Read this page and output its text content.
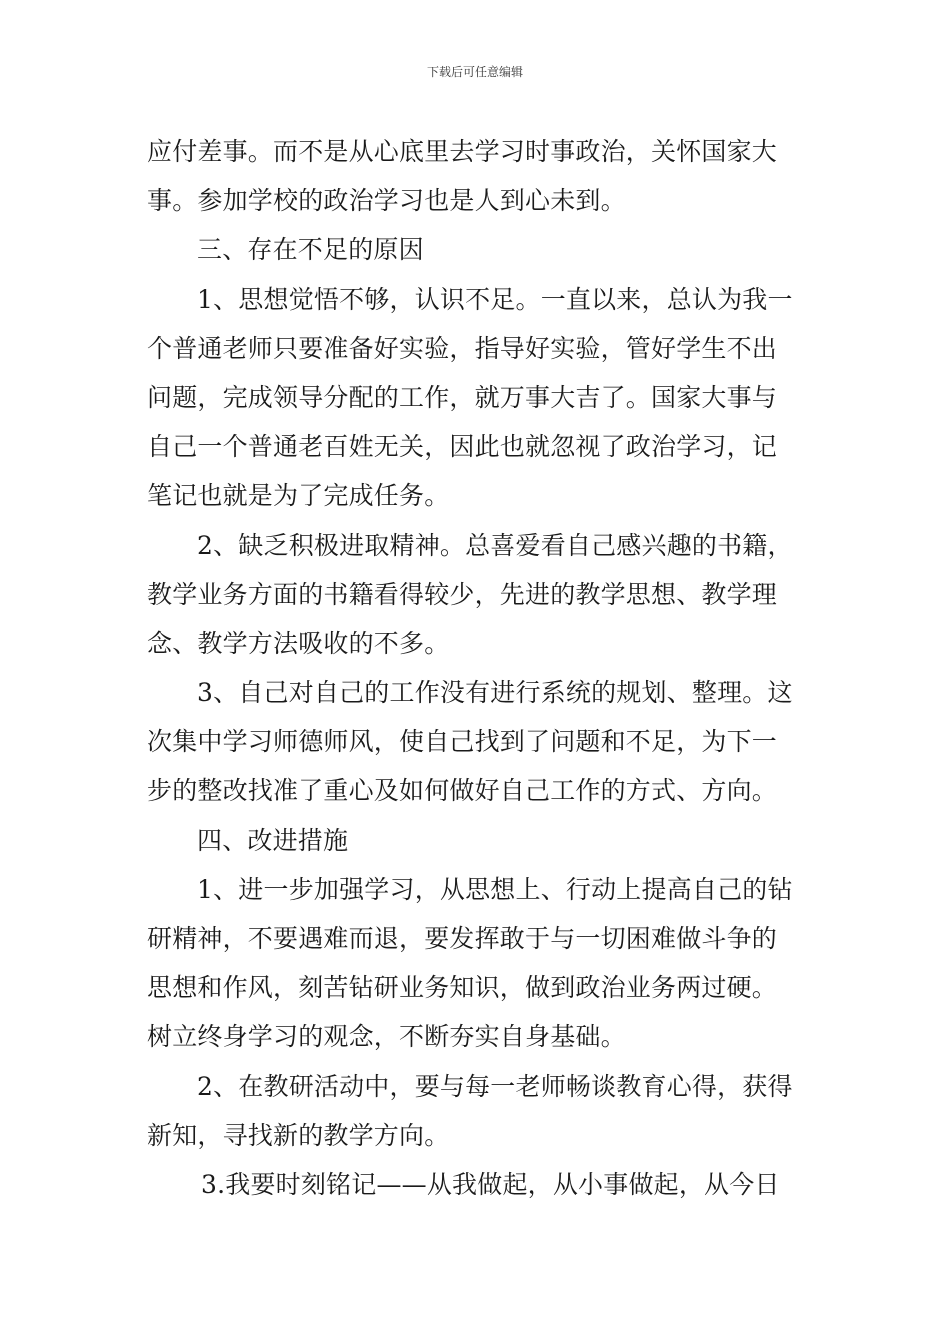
下载后可任意编辑
应付差事。而不是从心底里去学习时事政治，关怀国家大
事。参加学校的政治学习也是人到心未到。
三、存在不足的原因
1、思想觉悟不够，认识不足。一直以来，总认为我一
个普通老师只要准备好实验，指导好实验，管好学生不出
问题，完成领导分配的工作，就万事大吉了。国家大事与
自己一个普通老百姓无关，因此也就忽视了政治学习，记
笔记也就是为了完成任务。
2、缺乏积极进取精神。总喜爱看自己感兴趣的书籍，
教学业务方面的书籍看得较少，先进的教学思想、教学理
念、教学方法吸收的不多。
3、自己对自己的工作没有进行系统的规划、整理。这
次集中学习师德师风，使自己找到了问题和不足，为下一
步的整改找准了重心及如何做好自己工作的方式、方向。
四、改进措施
1、进一步加强学习，从思想上、行动上提高自己的钻
研精神，不要遇难而退，要发挥敢于与一切困难做斗争的
思想和作风，刻苦钻研业务知识，做到政治业务两过硬。
树立终身学习的观念，不断夯实自身基础。
2、在教研活动中，要与每一老师畅谈教育心得，获得
新知，寻找新的教学方向。
3.我要时刻铭记——从我做起，从小事做起，从今日
